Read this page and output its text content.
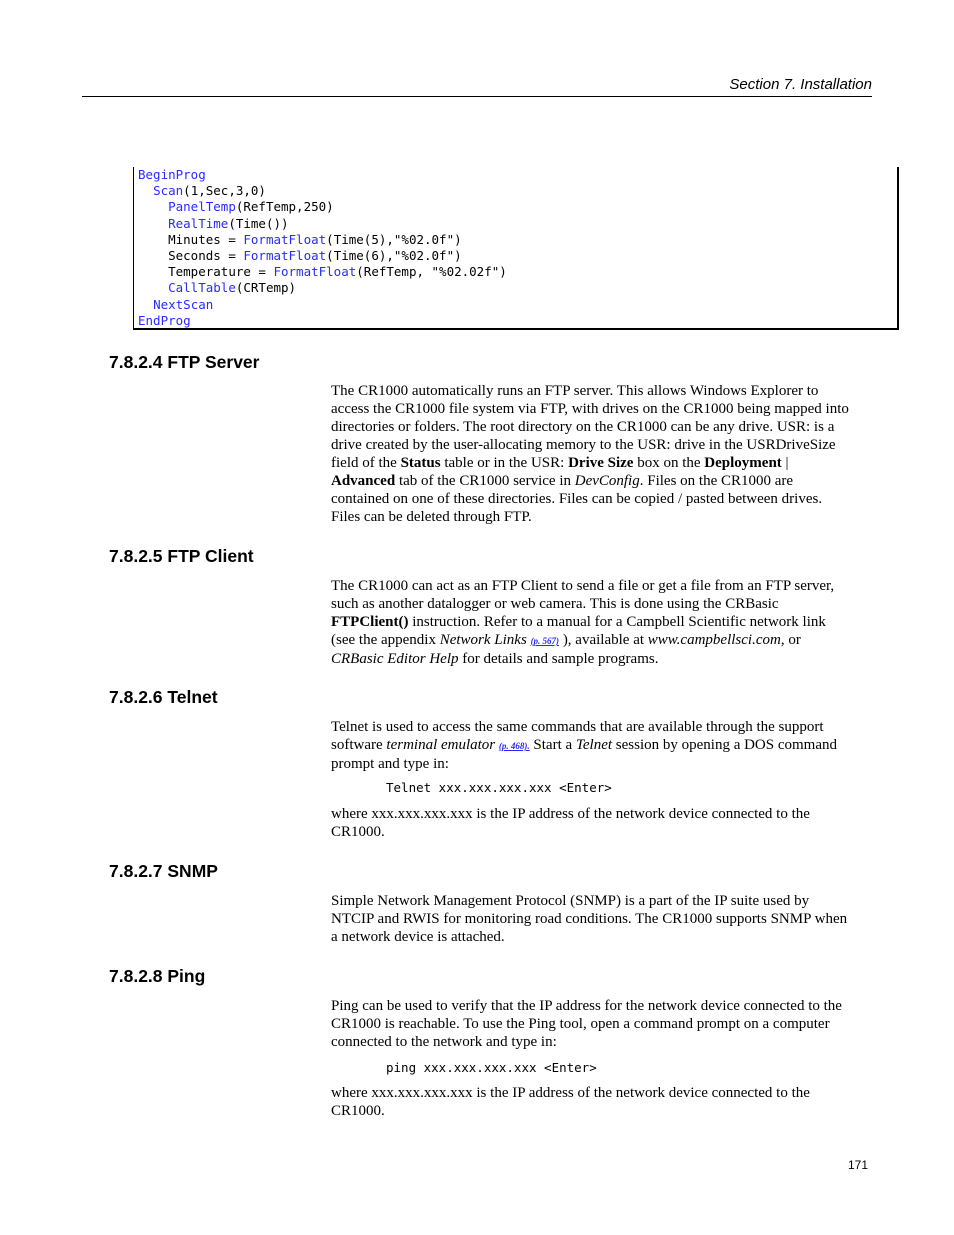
Section 7. Installation
BeginProg
Scan(1,Sec,3,0)
PanelTemp(RefTemp,250)
RealTime(Time())
Minutes = FormatFloat(Time(5),"%02.0f")
Seconds = FormatFloat(Time(6),"%02.0f")
Temperature = FormatFloat(RefTemp, "%02.02f")
CallTable(CRTemp)
NextScan
EndProg
7.8.2.4 FTP Server

The CR1000 automatically runs an FTP server. This allows Windows Explorer to access the CR1000 file system via FTP, with drives on the CR1000 being mapped into directories or folders. The root directory on the CR1000 can be any drive. USR: is a drive created by the user-allocating memory to the USR: drive in the USRDriveSize field of the Status table or in the USR: Drive Size box on the Deployment | Advanced tab of the CR1000 service in DevConfig. Files on the CR1000 are contained on one of these directories. Files can be copied / pasted between drives. Files can be deleted through FTP.

7.8.2.5 FTP Client

The CR1000 can act as an FTP Client to send a file or get a file from an FTP server, such as another datalogger or web camera. This is done using the CRBasic FTPClient() instruction. Refer to a manual for a Campbell Scientific network link (see the appendix Network Links (p. 567) ), available at www.campbellsci.com, or CRBasic Editor Help for details and sample programs.

7.8.2.6 Telnet

Telnet is used to access the same commands that are available through the support software terminal emulator (p. 468). Start a Telnet session by opening a DOS command prompt and type in:

Telnet xxx.xxx.xxx.xxx <Enter>

where xxx.xxx.xxx.xxx is the IP address of the network device connected to the CR1000.

7.8.2.7 SNMP

Simple Network Management Protocol (SNMP) is a part of the IP suite used by NTCIP and RWIS for monitoring road conditions. The CR1000 supports SNMP when a network device is attached.

7.8.2.8 Ping

Ping can be used to verify that the IP address for the network device connected to the CR1000 is reachable. To use the Ping tool, open a command prompt on a computer connected to the network and type in:

ping xxx.xxx.xxx.xxx <Enter>

where xxx.xxx.xxx.xxx is the IP address of the network device connected to the CR1000.

171
